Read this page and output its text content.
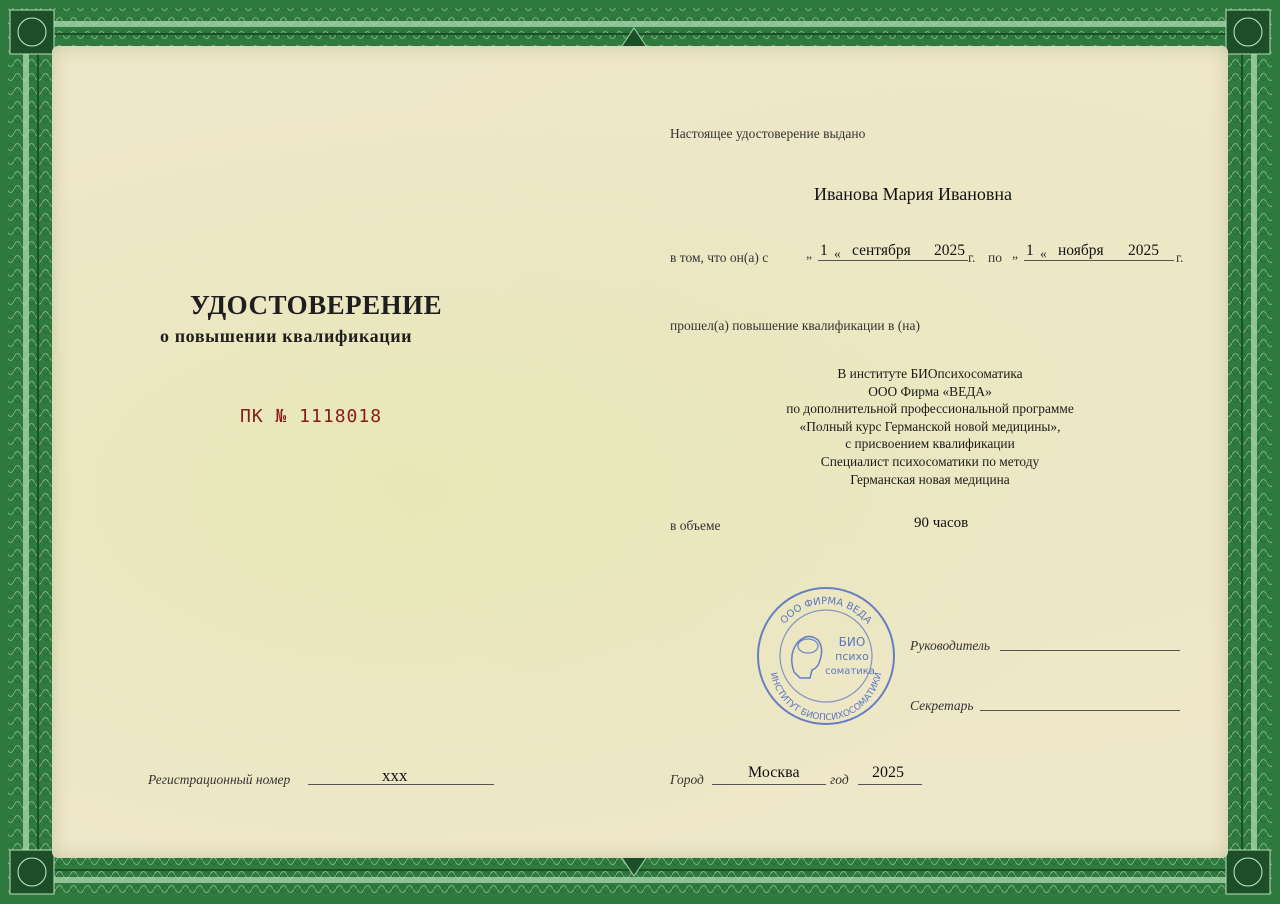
УДОСТОВЕРЕНИЕ
о повышении квалификации
ПК № 1118018
Регистрационный номер	ххх
Настоящее удостоверение выдано
Иванова Мария Ивановна
в том, что он(а) с	„ 1 « сентября 2025 г. по „ 1 « ноября 2025 г.
прошел(а) повышение квалификации в (на)
В институте БИОпсихосоматика
ООО Фирма «ВЕДА»
по дополнительной профессиональной программе
«Полный курс Германской новой медицины»,
с присвоением квалификации
Специалист психосоматики по методу
Германская новая медицина
в объеме	90 часов
ООО ФИРМА ВЕДА
ИНСТИТУТ БИОПСИХОСОМАТИКИ
БИО
психо
соматика
Руководитель
Секретарь
Город	Москва год 2025
